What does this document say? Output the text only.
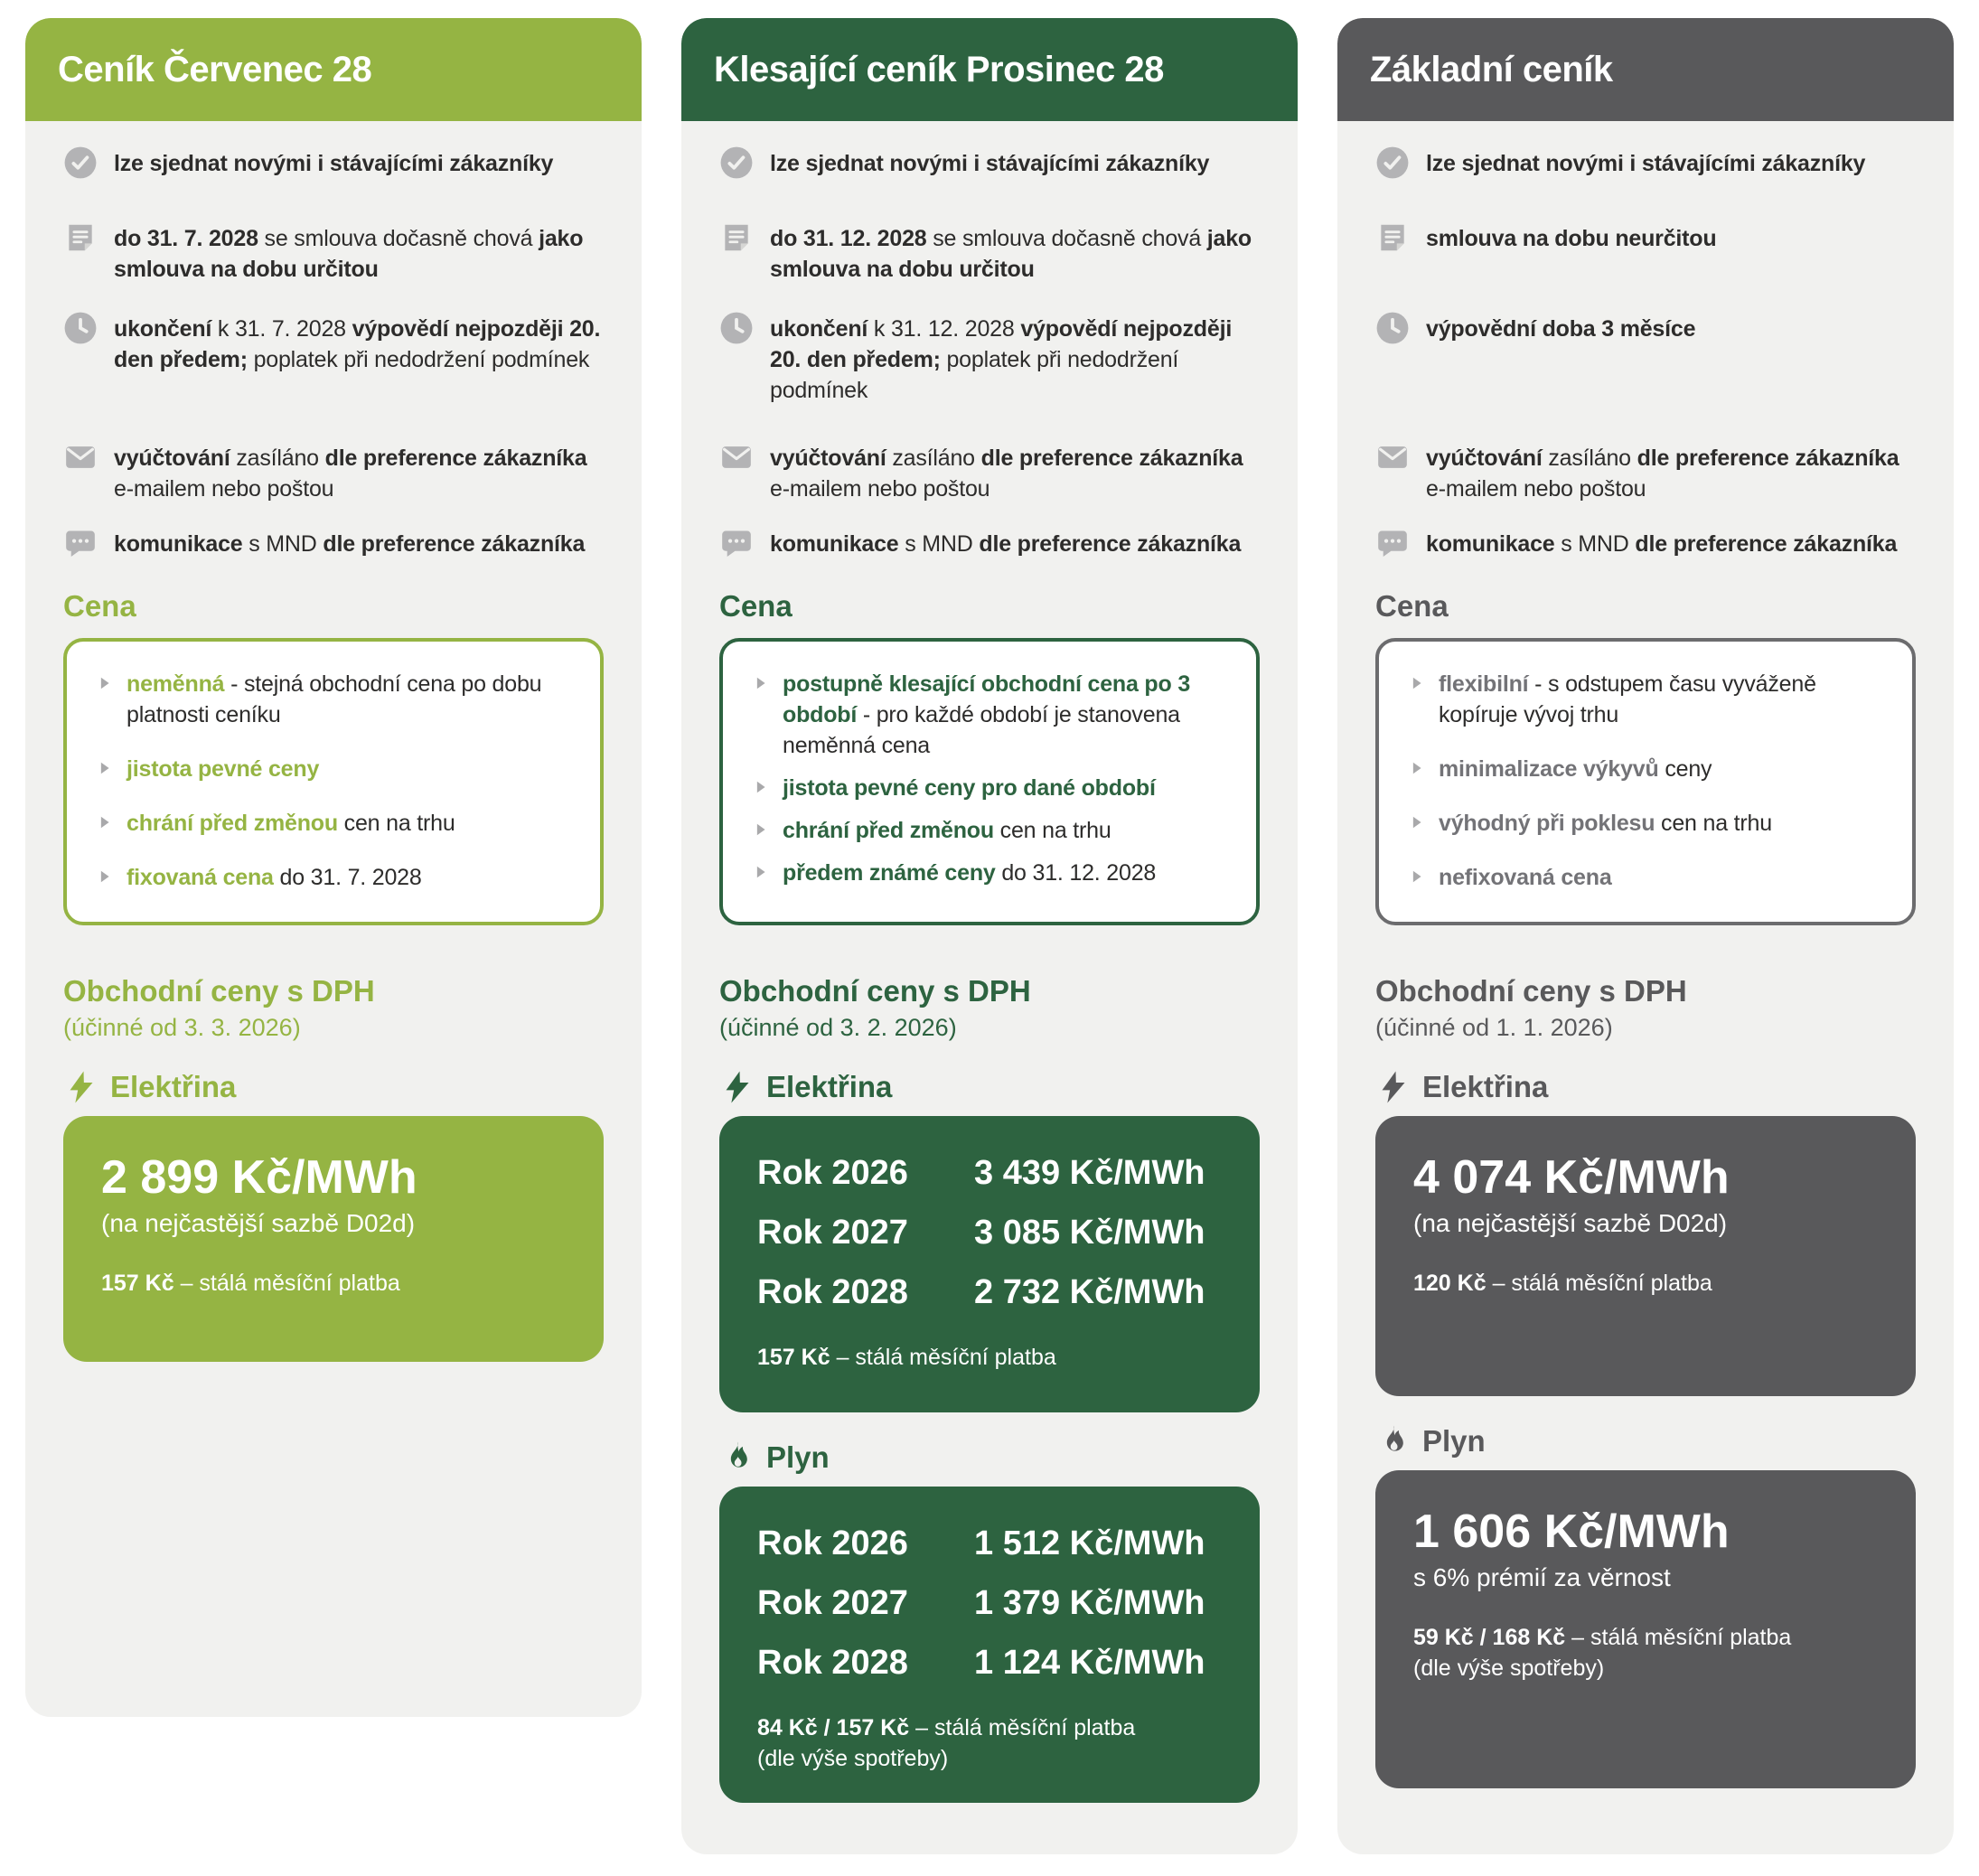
Ceník Červenec 28

lze sjednat novými i stávajícími zákazníky

do 31. 7. 2028 se smlouva dočasně chová jako smlouva na dobu určitou

ukončení k 31. 7. 2028 výpovědí nejpozději 20. den předem; poplatek při nedodržení podmínek

vyúčtování zasíláno dle preference zákazníka e-mailem nebo poštou

komunikace s MND dle preference zákazníka

Cena

neměnná - stejná obchodní cena po dobu platnosti ceníku

jistota pevné ceny

chrání před změnou cen na trhu

fixovaná cena do 31. 7. 2028

Obchodní ceny s DPH

(účinné od 3. 3. 2026)

Elektřina
2 899 Kč/MWh
(na nejčastější sazbě D02d)

157 Kč – stálá měsíční platba

Klesající ceník Prosinec 28

lze sjednat novými i stávajícími zákazníky

do 31. 12. 2028 se smlouva dočasně chová jako smlouva na dobu určitou

ukončení k 31. 12. 2028 výpovědí nejpozději 20. den předem; poplatek při nedodržení podmínek

vyúčtování zasíláno dle preference zákazníka e-mailem nebo poštou

komunikace s MND dle preference zákazníka

Cena

postupně klesající obchodní cena po 3 období - pro každé období je stanovena neměnná cena

jistota pevné ceny pro dané období

chrání před změnou cen na trhu

předem známé ceny do 31. 12. 2028

Obchodní ceny s DPH

(účinné od 3. 2. 2026)

Elektřina
Rok 2026	3 439 Kč/MWh
Rok 2027	3 085 Kč/MWh
Rok 2028	2 732 Kč/MWh

157 Kč – stálá měsíční platba

Plyn
Rok 2026	1 512 Kč/MWh
Rok 2027	1 379 Kč/MWh
Rok 2028	1 124 Kč/MWh

84 Kč / 157 Kč – stálá měsíční platba

(dle výše spotřeby)

Základní ceník

lze sjednat novými i stávajícími zákazníky

smlouva na dobu neurčitou

výpovědní doba 3 měsíce

vyúčtování zasíláno dle preference zákazníka e-mailem nebo poštou

komunikace s MND dle preference zákazníka

Cena

flexibilní - s odstupem času vyváženě kopíruje vývoj trhu

minimalizace výkyvů ceny

výhodný při poklesu cen na trhu

nefixovaná cena

Obchodní ceny s DPH

(účinné od 1. 1. 2026)

Elektřina
4 074 Kč/MWh
(na nejčastější sazbě D02d)

120 Kč – stálá měsíční platba

Plyn
1 606 Kč/MWh
s 6% prémií za věrnost

59 Kč / 168 Kč – stálá měsíční platba

(dle výše spotřeby)
